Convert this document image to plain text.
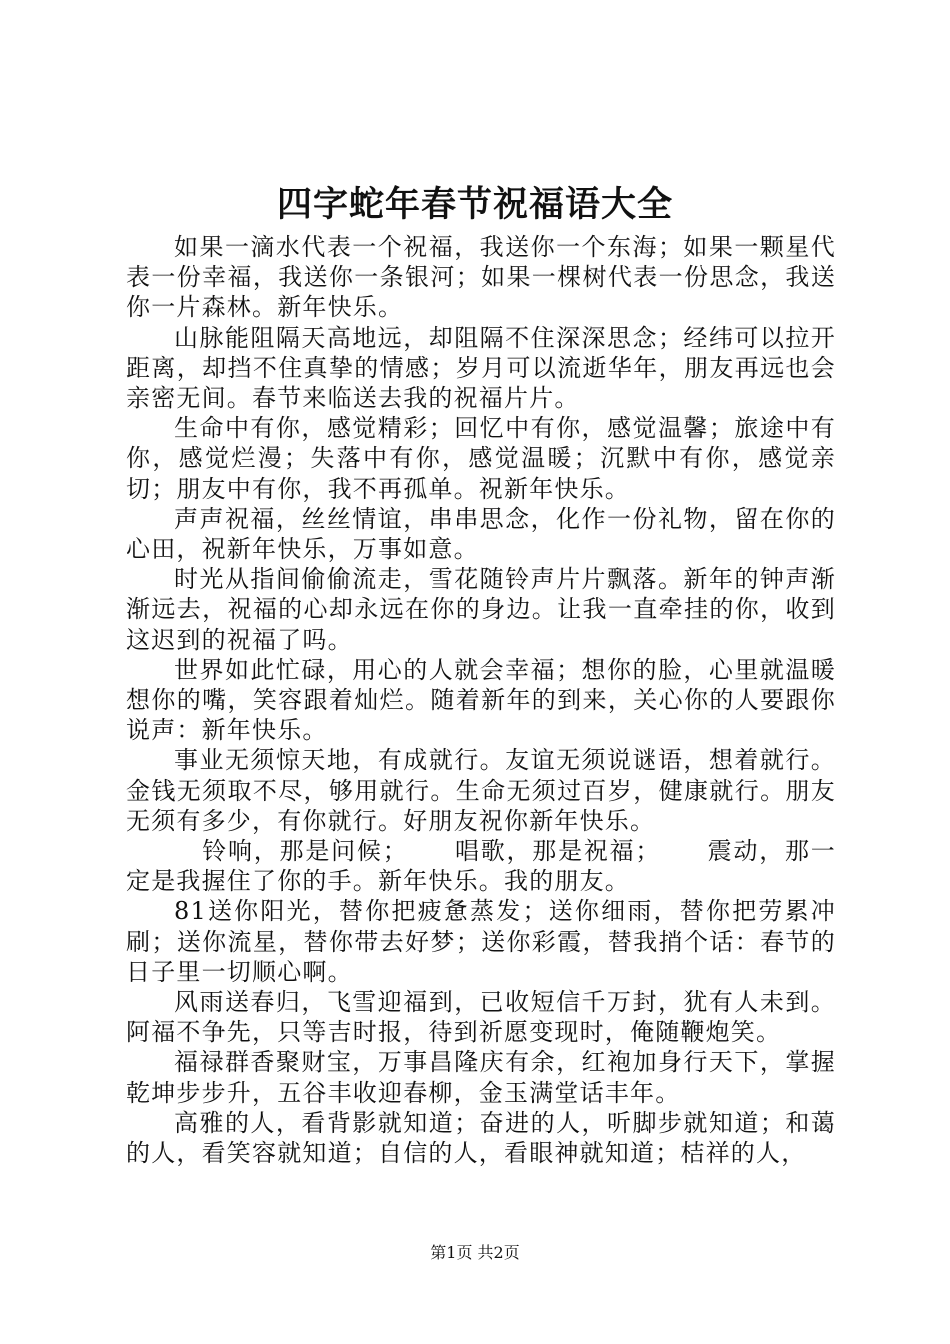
四字蛇年春节祝福语大全

如果一滴水代表一个祝福，我送你一个东海；如果一颗星代表一份幸福，我送你一条银河；如果一棵树代表一份思念，我送你一片森林。新年快乐。

山脉能阻隔天高地远，却阻隔不住深深思念；经纬可以拉开距离，却挡不住真挚的情感；岁月可以流逝华年，朋友再远也会亲密无间。春节来临送去我的祝福片片。

生命中有你，感觉精彩；回忆中有你，感觉温馨；旅途中有你，感觉烂漫；失落中有你，感觉温暖；沉默中有你，感觉亲切；朋友中有你，我不再孤单。祝新年快乐。

声声祝福，丝丝情谊，串串思念，化作一份礼物，留在你的心田，祝新年快乐，万事如意。

时光从指间偷偷流走，雪花随铃声片片飘落。新年的钟声渐渐远去，祝福的心却永远在你的身边。让我一直牵挂的你，收到这迟到的祝福了吗。

世界如此忙碌，用心的人就会幸福；想你的脸，心里就温暖想你的嘴，笑容跟着灿烂。随着新年的到来，关心你的人要跟你说声：新年快乐。

事业无须惊天地，有成就行。友谊无须说谜语，想着就行。金钱无须取不尽，够用就行。生命无须过百岁，健康就行。朋友无须有多少，有你就行。好朋友祝你新年快乐。

铃响，那是问候；     唱歌，那是祝福；     震动，那一定是我握住了你的手。新年快乐。我的朋友。

81送你阳光，替你把疲惫蒸发；送你细雨，替你把劳累冲刷；送你流星，替你带去好梦；送你彩霞，替我捎个话：春节的日子里一切顺心啊。

风雨送春归，飞雪迎福到，已收短信千万封，犹有人未到。阿福不争先，只等吉时报，待到祈愿变现时，俺随鞭炮笑。

福禄群香聚财宝，万事昌隆庆有余，红袍加身行天下，掌握乾坤步步升，五谷丰收迎春柳，金玉满堂话丰年。

高雅的人，看背影就知道；奋进的人，听脚步就知道；和蔼的人，看笑容就知道；自信的人，看眼神就知道；桔祥的人，

第1页 共2页
